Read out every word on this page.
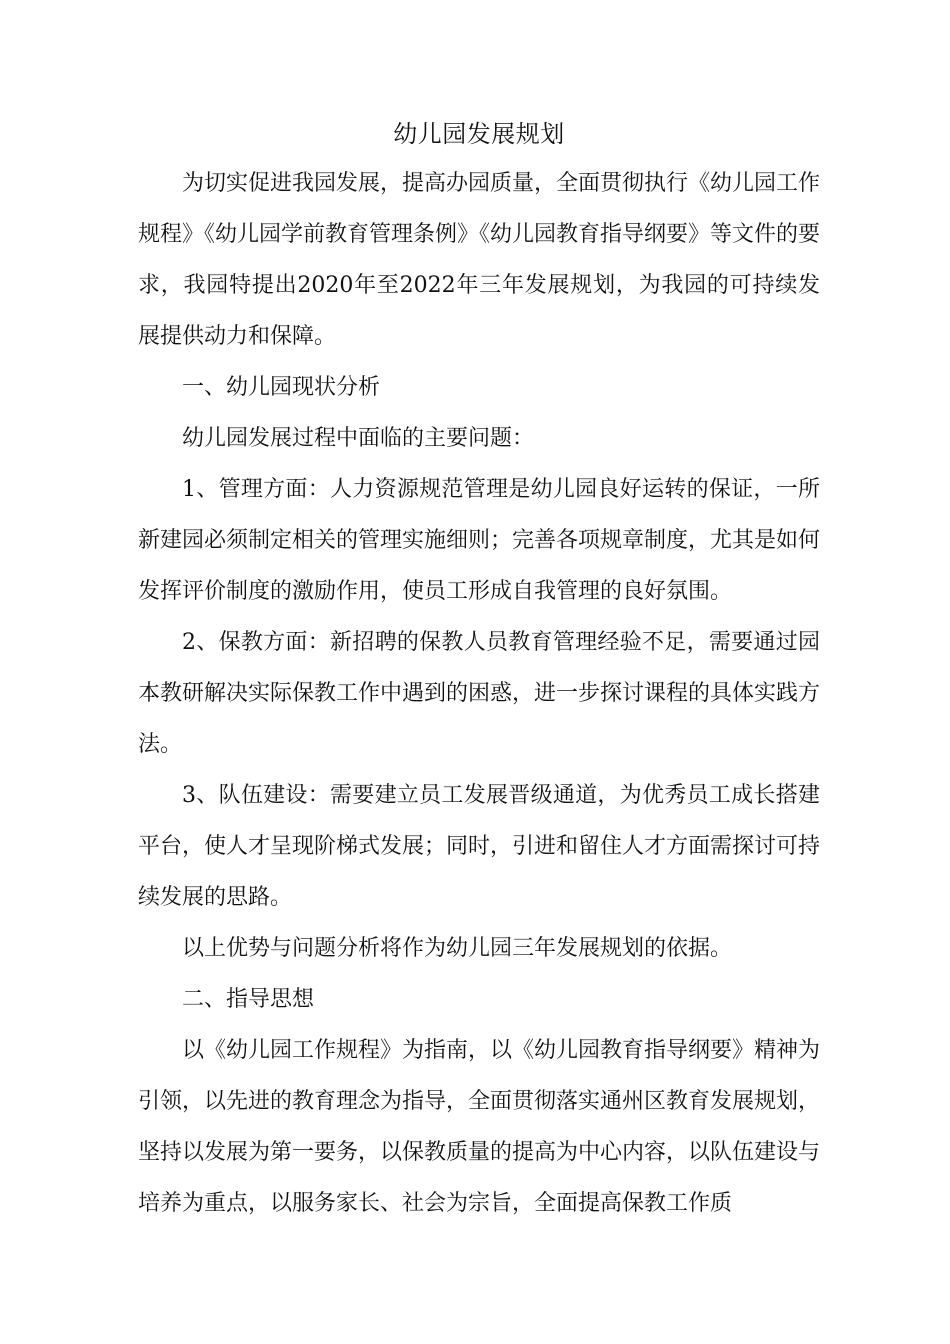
幼儿园发展规划

为切实促进我园发展，提高办园质量，全面贯彻执行《幼儿园工作规程》《幼儿园学前教育管理条例》《幼儿园教育指导纲要》等文件的要求，我园特提出2020年至2022年三年发展规划，为我园的可持续发展提供动力和保障。

一、幼儿园现状分析

幼儿园发展过程中面临的主要问题：

1、管理方面：人力资源规范管理是幼儿园良好运转的保证，一所新建园必须制定相关的管理实施细则；完善各项规章制度，尤其是如何发挥评价制度的激励作用，使员工形成自我管理的良好氛围。

2、保教方面：新招聘的保教人员教育管理经验不足，需要通过园本教研解决实际保教工作中遇到的困惑，进一步探讨课程的具体实践方法。

3、队伍建设：需要建立员工发展晋级通道，为优秀员工成长搭建平台，使人才呈现阶梯式发展；同时，引进和留住人才方面需探讨可持续发展的思路。

以上优势与问题分析将作为幼儿园三年发展规划的依据。

二、指导思想

以《幼儿园工作规程》为指南，以《幼儿园教育指导纲要》精神为引领，以先进的教育理念为指导，全面贯彻落实通州区教育发展规划，坚持以发展为第一要务，以保教质量的提高为中心内容，以队伍建设与培养为重点，以服务家长、社会为宗旨，全面提高保教工作质
